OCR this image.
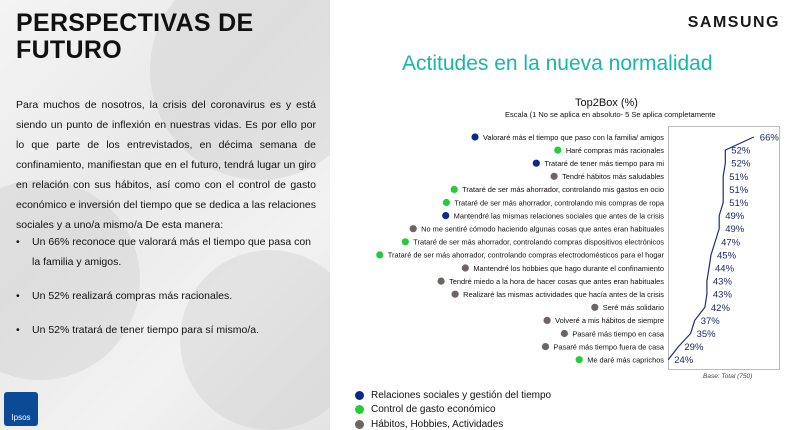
PERSPECTIVAS DE
FUTURO

Para muchos de nosotros, la crisis del coronavirus es y está siendo un punto de inflexión en nuestras vidas. Es por ello por lo que parte de los entrevistados, en décima semana de confinamiento, manifiestan que en el futuro, tendrá lugar un giro en relación con sus hábitos, así como con el control de gasto económico e inversión del tiempo que se dedica a las relaciones sociales y a uno/a mismo/a De esta manera:

•	Un 66% reconoce que valorará más el tiempo que pasa con la familia y amigos.
•	Un 52% realizará compras más racionales.
•	Un 52% tratará de tener tiempo para sí mismo/a.
Ipsos
SAMSUNG
Actitudes en la nueva normalidad
Top2Box (%)
Escala (1 No se aplica en absoluto- 5 Se aplica completamente
Valoraré más el tiempo que paso con la familia/ amigos	66%
Haré compras más racionales	52%
Trataré de tener más tiempo para mi	52%
Tendré hábitos más saludables	51%
Trataré de ser más ahorrador, controlando mis gastos en ocio	51%
Trataré de ser más ahorrador, controlando mis compras de ropa	51%
Mantendré las mismas relaciones sociales que antes de la crisis	49%
No me sentiré cómodo haciendo algunas cosas que antes eran habituales	49%
Trataré de ser más ahorrador, controlando compras dispositivos electrónicos	47%
Trataré de ser más ahorrador, controlando compras electrodomésticos para el hogar	45%
Mantendré los hobbies que hago durante el confinamiento	44%
Tendré miedo a la hora de hacer cosas que antes eran habituales	43%
Realizaré las mismas actividades que hacía antes de la crisis	43%
Seré más solidario	42%
Volveré a mis hábitos de siempre	37%
Pasaré más tiempo en casa	35%
Pasaré más tiempo fuera de casa 29%
Me daré más caprichos 24%
Base: Total (750)
Relaciones sociales y gestión del tiempo
Control de gasto económico
Hábitos, Hobbies, Actividades
